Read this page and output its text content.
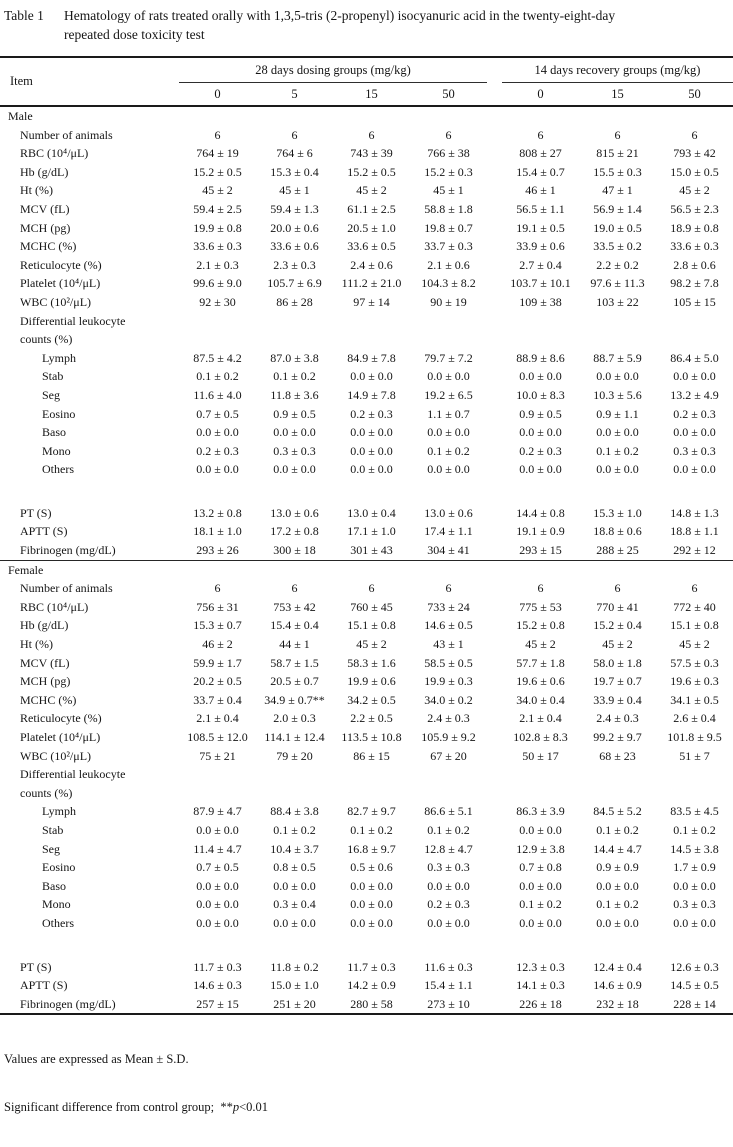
Table 1	Hematology of rats treated orally with 1,3,5-tris (2-propenyl) isocyanuric acid in the twenty-eight-day
repeated dose toxicity test
Item	28 days dosing groups (mg/kg)					14 days recovery groups (mg/kg)		
	0	5	15	50		0	15	50
Male								
Number of animals	6	6	6	6		6	6	6
RBC (10⁴/μL)	764 ± 19	764 ± 6	743 ± 39	766 ± 38		808 ± 27	815 ± 21	793 ± 42
Hb (g/dL)	15.2 ± 0.5	15.3 ± 0.4	15.2 ± 0.5	15.2 ± 0.3		15.4 ± 0.7	15.5 ± 0.3	15.0 ± 0.5
Ht (%)	45 ± 2	45 ± 1	45 ± 2	45 ± 1		46 ± 1	47 ± 1	45 ± 2
MCV (fL)	59.4 ± 2.5	59.4 ± 1.3	61.1 ± 2.5	58.8 ± 1.8		56.5 ± 1.1	56.9 ± 1.4	56.5 ± 2.3
MCH (pg)	19.9 ± 0.8	20.0 ± 0.6	20.5 ± 1.0	19.8 ± 0.7		19.1 ± 0.5	19.0 ± 0.5	18.9 ± 0.8
MCHC (%)	33.6 ± 0.3	33.6 ± 0.6	33.6 ± 0.5	33.7 ± 0.3		33.9 ± 0.6	33.5 ± 0.2	33.6 ± 0.3
Reticulocyte (%)	2.1 ± 0.3	2.3 ± 0.3	2.4 ± 0.6	2.1 ± 0.6		2.7 ± 0.4	2.2 ± 0.2	2.8 ± 0.6
Platelet (10⁴/μL)	99.6 ± 9.0	105.7 ± 6.9	111.2 ± 21.0	104.3 ± 8.2		103.7 ± 10.1	97.6 ± 11.3	98.2 ± 7.8
WBC (10²/μL)	92 ± 30	86 ± 28	97 ± 14	90 ± 19		109 ± 38	103 ± 22	105 ± 15
Differential leukocyte								
counts (%)								
Lymph	87.5 ± 4.2	87.0 ± 3.8	84.9 ± 7.8	79.7 ± 7.2		88.9 ± 8.6	88.7 ± 5.9	86.4 ± 5.0
Stab	0.1 ± 0.2	0.1 ± 0.2	0.0 ± 0.0	0.0 ± 0.0		0.0 ± 0.0	0.0 ± 0.0	0.0 ± 0.0
Seg	11.6 ± 4.0	11.8 ± 3.6	14.9 ± 7.8	19.2 ± 6.5		10.0 ± 8.3	10.3 ± 5.6	13.2 ± 4.9
Eosino	0.7 ± 0.5	0.9 ± 0.5	0.2 ± 0.3	1.1 ± 0.7		0.9 ± 0.5	0.9 ± 1.1	0.2 ± 0.3
Baso	0.0 ± 0.0	0.0 ± 0.0	0.0 ± 0.0	0.0 ± 0.0		0.0 ± 0.0	0.0 ± 0.0	0.0 ± 0.0
Mono	0.2 ± 0.3	0.3 ± 0.3	0.0 ± 0.0	0.1 ± 0.2		0.2 ± 0.3	0.1 ± 0.2	0.3 ± 0.3
Others	0.0 ± 0.0	0.0 ± 0.0	0.0 ± 0.0	0.0 ± 0.0		0.0 ± 0.0	0.0 ± 0.0	0.0 ± 0.0

PT (S)	13.2 ± 0.8	13.0 ± 0.6	13.0 ± 0.4	13.0 ± 0.6		14.4 ± 0.8	15.3 ± 1.0	14.8 ± 1.3
APTT (S)	18.1 ± 1.0	17.2 ± 0.8	17.1 ± 1.0	17.4 ± 1.1		19.1 ± 0.9	18.8 ± 0.6	18.8 ± 1.1
Fibrinogen (mg/dL)	293 ± 26	300 ± 18	301 ± 43	304 ± 41		293 ± 15	288 ± 25	292 ± 12
Female								
Number of animals	6	6	6	6		6	6	6
RBC (10⁴/μL)	756 ± 31	753 ± 42	760 ± 45	733 ± 24		775 ± 53	770 ± 41	772 ± 40
Hb (g/dL)	15.3 ± 0.7	15.4 ± 0.4	15.1 ± 0.8	14.6 ± 0.5		15.2 ± 0.8	15.2 ± 0.4	15.1 ± 0.8
Ht (%)	46 ± 2	44 ± 1	45 ± 2	43 ± 1		45 ± 2	45 ± 2	45 ± 2
MCV (fL)	59.9 ± 1.7	58.7 ± 1.5	58.3 ± 1.6	58.5 ± 0.5		57.7 ± 1.8	58.0 ± 1.8	57.5 ± 0.3
MCH (pg)	20.2 ± 0.5	20.5 ± 0.7	19.9 ± 0.6	19.9 ± 0.3		19.6 ± 0.6	19.7 ± 0.7	19.6 ± 0.3
MCHC (%)	33.7 ± 0.4	34.9 ± 0.7**	34.2 ± 0.5	34.0 ± 0.2		34.0 ± 0.4	33.9 ± 0.4	34.1 ± 0.5
Reticulocyte (%)	2.1 ± 0.4	2.0 ± 0.3	2.2 ± 0.5	2.4 ± 0.3		2.1 ± 0.4	2.4 ± 0.3	2.6 ± 0.4
Platelet (10⁴/μL)	108.5 ± 12.0	114.1 ± 12.4	113.5 ± 10.8	105.9 ± 9.2		102.8 ± 8.3	99.2 ± 9.7	101.8 ± 9.5
WBC (10²/μL)	75 ± 21	79 ± 20	86 ± 15	67 ± 20		50 ± 17	68 ± 23	51 ± 7
Differential leukocyte								
counts (%)								
Lymph	87.9 ± 4.7	88.4 ± 3.8	82.7 ± 9.7	86.6 ± 5.1		86.3 ± 3.9	84.5 ± 5.2	83.5 ± 4.5
Stab	0.0 ± 0.0	0.1 ± 0.2	0.1 ± 0.2	0.1 ± 0.2		0.0 ± 0.0	0.1 ± 0.2	0.1 ± 0.2
Seg	11.4 ± 4.7	10.4 ± 3.7	16.8 ± 9.7	12.8 ± 4.7		12.9 ± 3.8	14.4 ± 4.7	14.5 ± 3.8
Eosino	0.7 ± 0.5	0.8 ± 0.5	0.5 ± 0.6	0.3 ± 0.3		0.7 ± 0.8	0.9 ± 0.9	1.7 ± 0.9
Baso	0.0 ± 0.0	0.0 ± 0.0	0.0 ± 0.0	0.0 ± 0.0		0.0 ± 0.0	0.0 ± 0.0	0.0 ± 0.0
Mono	0.0 ± 0.0	0.3 ± 0.4	0.0 ± 0.0	0.2 ± 0.3		0.1 ± 0.2	0.1 ± 0.2	0.3 ± 0.3
Others	0.0 ± 0.0	0.0 ± 0.0	0.0 ± 0.0	0.0 ± 0.0		0.0 ± 0.0	0.0 ± 0.0	0.0 ± 0.0

PT (S)	11.7 ± 0.3	11.8 ± 0.2	11.7 ± 0.3	11.6 ± 0.3		12.3 ± 0.3	12.4 ± 0.4	12.6 ± 0.3
APTT (S)	14.6 ± 0.3	15.0 ± 1.0	14.2 ± 0.9	15.4 ± 1.1		14.1 ± 0.3	14.6 ± 0.9	14.5 ± 0.5
Fibrinogen (mg/dL)	257 ± 15	251 ± 20	280 ± 58	273 ± 10		226 ± 18	232 ± 18	228 ± 14

Values are expressed as Mean ± S.D.

Significant difference from control group;  **p<0.01
